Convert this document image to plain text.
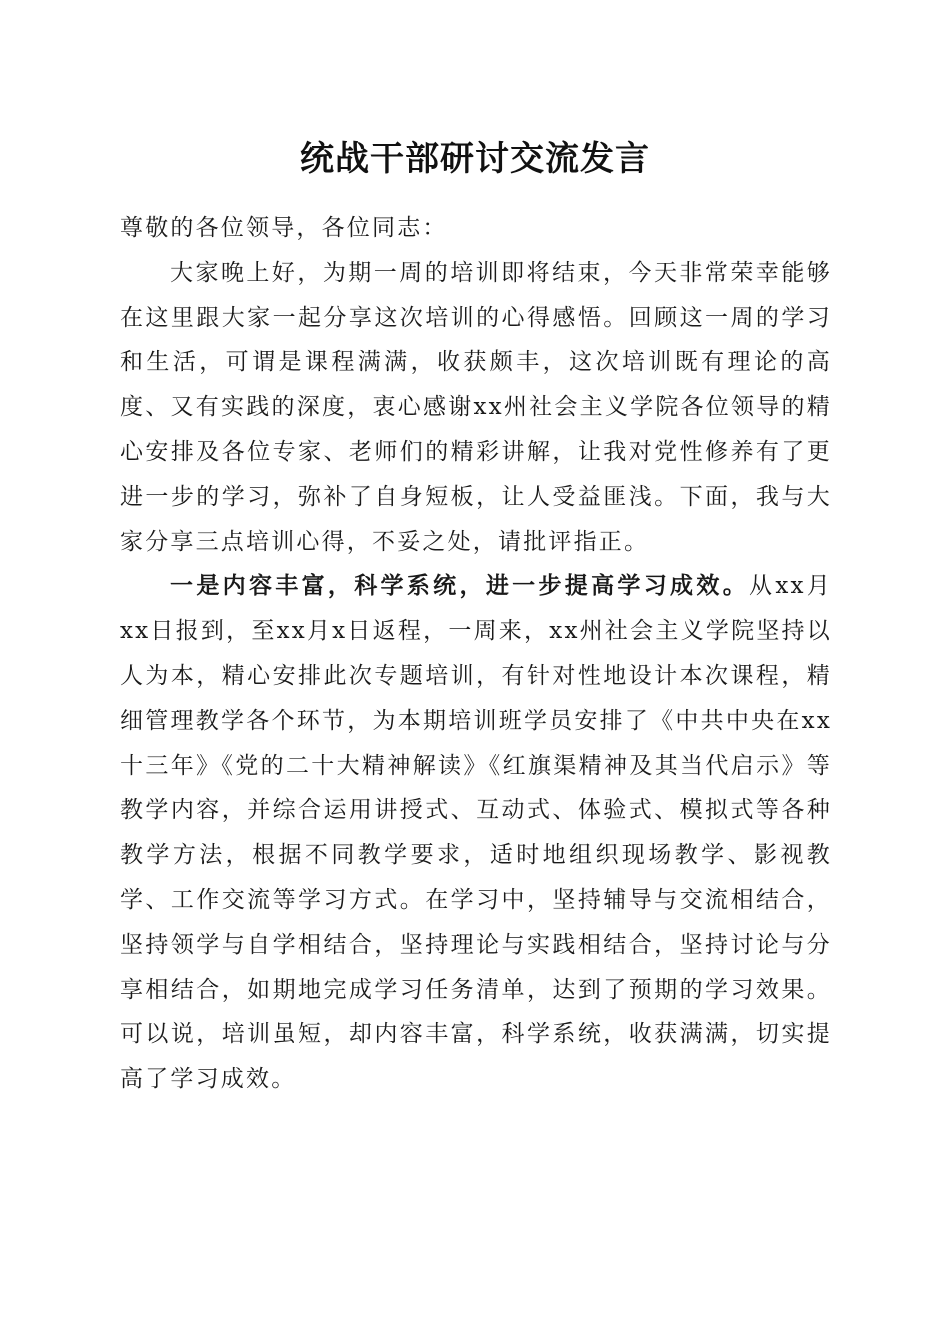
统战干部研讨交流发言

尊敬的各位领导，各位同志：

大家晚上好，为期一周的培训即将结束，今天非常荣幸能够在这里跟大家一起分享这次培训的心得感悟。回顾这一周的学习和生活，可谓是课程满满，收获颇丰，这次培训既有理论的高度、又有实践的深度，衷心感谢xx州社会主义学院各位领导的精心安排及各位专家、老师们的精彩讲解，让我对党性修养有了更进一步的学习，弥补了自身短板，让人受益匪浅。下面，我与大家分享三点培训心得，不妥之处，请批评指正。

一是内容丰富，科学系统，进一步提高学习成效。从xx月xx日报到，至xx月x日返程，一周来，xx州社会主义学院坚持以人为本，精心安排此次专题培训，有针对性地设计本次课程，精细管理教学各个环节，为本期培训班学员安排了《中共中央在xx十三年》《党的二十大精神解读》《红旗渠精神及其当代启示》等教学内容，并综合运用讲授式、互动式、体验式、模拟式等各种教学方法，根据不同教学要求，适时地组织现场教学、影视教学、工作交流等学习方式。在学习中，坚持辅导与交流相结合，坚持领学与自学相结合，坚持理论与实践相结合，坚持讨论与分享相结合，如期地完成学习任务清单，达到了预期的学习效果。可以说，培训虽短，却内容丰富，科学系统，收获满满，切实提高了学习成效。
